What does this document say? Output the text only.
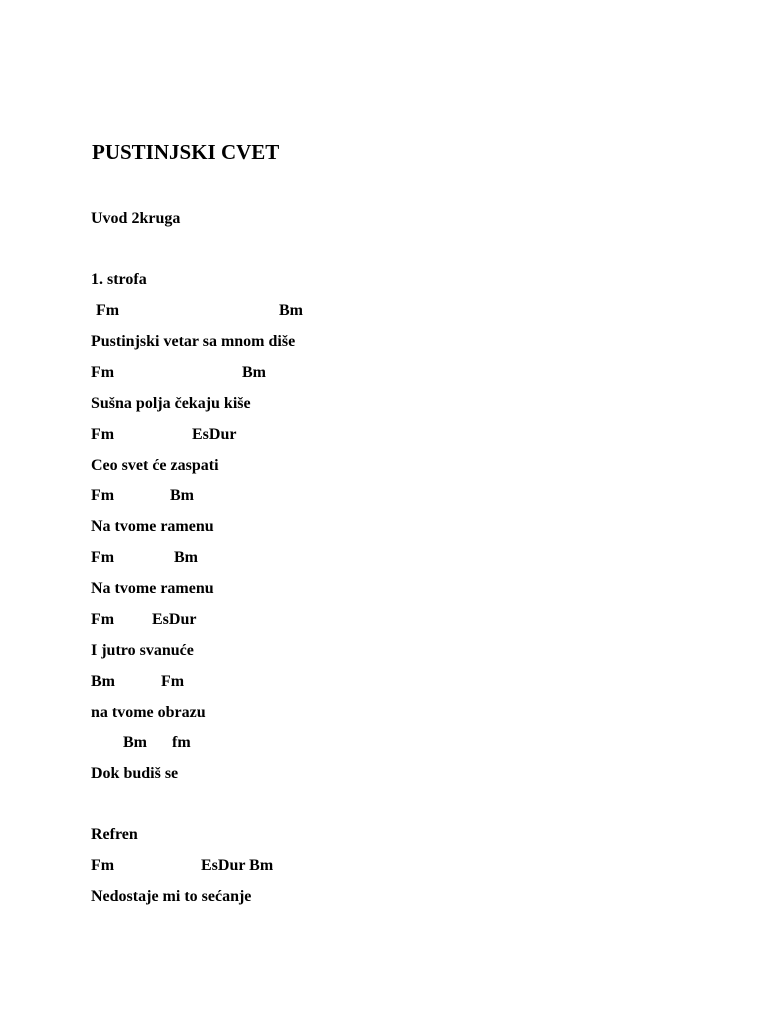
PUSTINJSKI CVET
Uvod 2kruga
1. strofa
Fm	Bm
Pustinjski vetar sa mnom diše
Fm	Bm
Sušna polja čekaju kiše
Fm	EsDur
Ceo svet će zaspati
Fm	Bm
Na tvome ramenu
Fm	Bm
Na tvome ramenu
Fm EsDur
I jutro svanuće
Bm	Fm
na tvome obrazu
Bm fm
Dok budiš se
Refren
Fm	EsDur Bm
Nedostaje mi to sećanje
